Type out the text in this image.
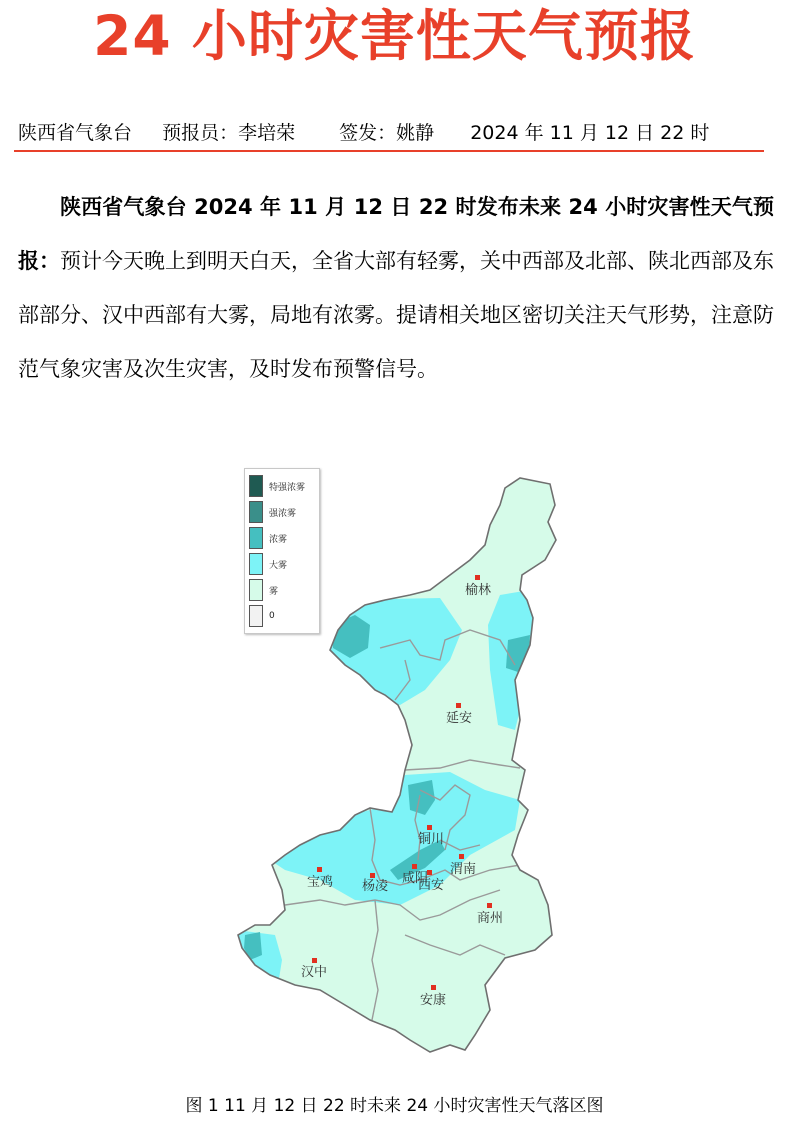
24 小时灾害性天气预报
陕西省气象台 预报员：李培荣 签发：姚静 2024 年 11 月 12 日 22 时
陕西省气象台 2024 年 11 月 12 日 22 时发布未来 24 小时灾害性天气预报：预计今天晚上到明天白天，全省大部有轻雾，关中西部及北部、陕北西部及东部部分、汉中西部有大雾，局地有浓雾。提请相关地区密切关注天气形势，注意防范气象灾害及次生灾害，及时发布预警信号。
榆林
延安
铜川
渭南
宝鸡 杨凌
咸阳
西安
商州
汉中
安康
特强浓雾
强浓雾
浓雾
大雾
雾
0
图 1 11 月 12 日 22 时未来 24 小时灾害性天气落区图
